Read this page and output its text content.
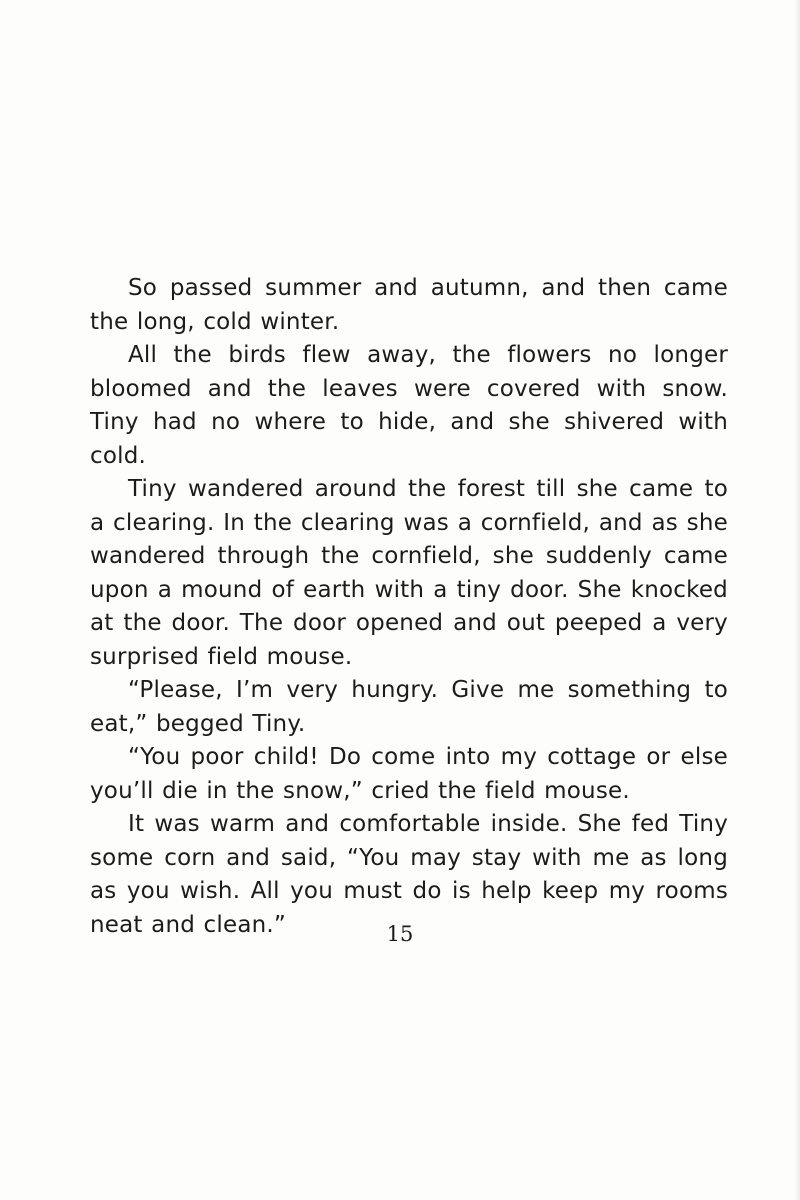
So passed summer and autumn, and then came the long, cold winter.

All the birds flew away, the flowers no longer bloomed and the leaves were covered with snow. Tiny had no where to hide, and she shivered with cold.

Tiny wandered around the forest till she came to a clearing. In the clearing was a cornfield, and as she wandered through the cornfield, she suddenly came upon a mound of earth with a tiny door. She knocked at the door. The door opened and out peeped a very surprised field mouse.

“Please, I’m very hungry. Give me something to eat,” begged Tiny.

“You poor child! Do come into my cottage or else you’ll die in the snow,” cried the field mouse.

It was warm and comfortable inside. She fed Tiny some corn and said, “You may stay with me as long as you wish. All you must do is help keep my rooms neat and clean.”	15
